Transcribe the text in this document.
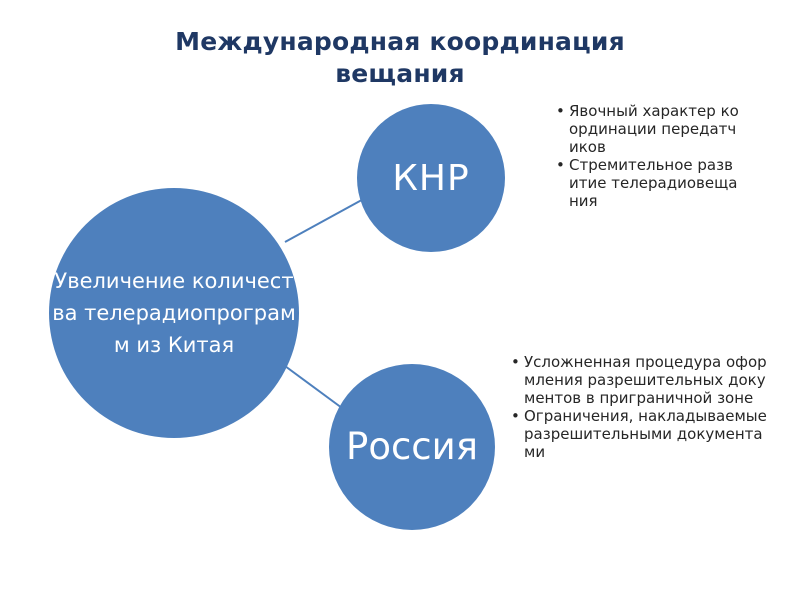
Международная координация
вещания
Увеличение количества телерадиопрограмм из Китая
КНР
Россия
• Явочный характер координации передатчиков
• Стремительное развитие телерадиовещания
• Усложненная процедура оформления разрешительных документов в приграничной зоне
• Ограничения, накладываемые разрешительными документами
